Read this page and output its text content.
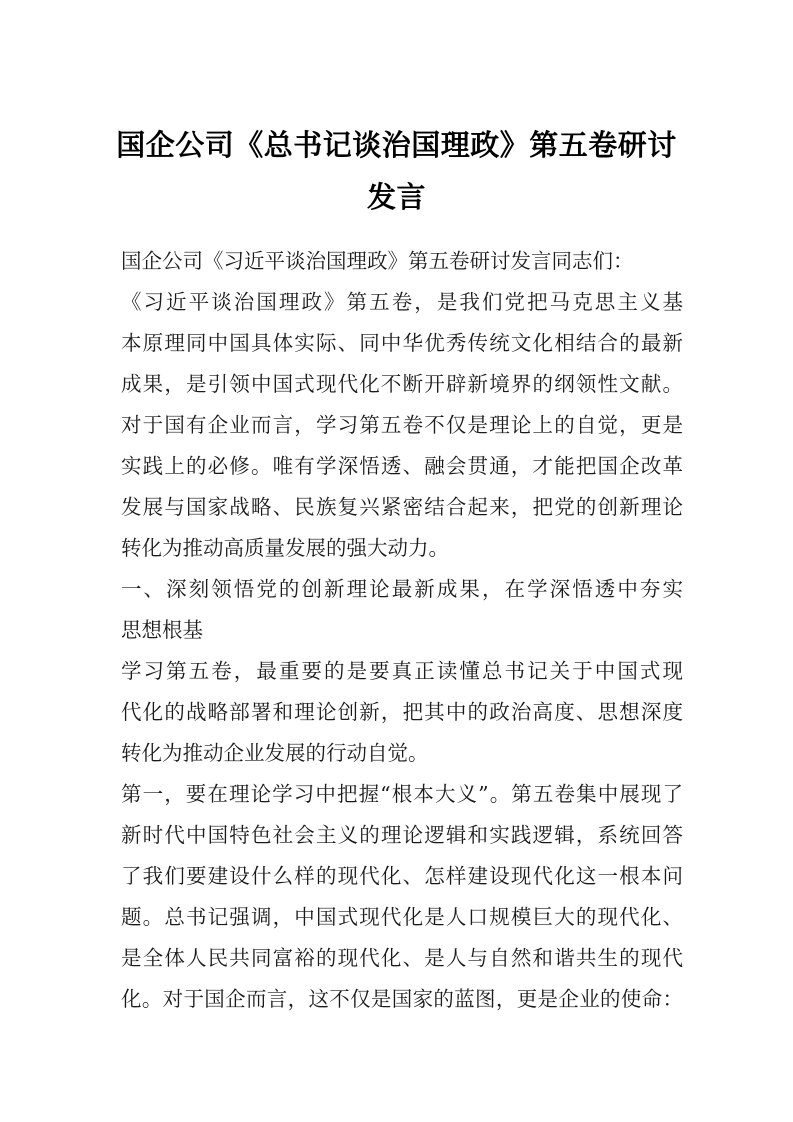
国企公司《总书记谈治国理政》第五卷研讨
发言
国企公司《习近平谈治国理政》第五卷研讨发言同志们：
《习近平谈治国理政》第五卷，是我们党把马克思主义基
本原理同中国具体实际、同中华优秀传统文化相结合的最新
成果，是引领中国式现代化不断开辟新境界的纲领性文献。
对于国有企业而言，学习第五卷不仅是理论上的自觉，更是
实践上的必修。唯有学深悟透、融会贯通，才能把国企改革
发展与国家战略、民族复兴紧密结合起来，把党的创新理论
转化为推动高质量发展的强大动力。
一、深刻领悟党的创新理论最新成果，在学深悟透中夯实
思想根基
学习第五卷，最重要的是要真正读懂总书记关于中国式现
代化的战略部署和理论创新，把其中的政治高度、思想深度
转化为推动企业发展的行动自觉。
第一，要在理论学习中把握“根本大义”。第五卷集中展现了
新时代中国特色社会主义的理论逻辑和实践逻辑，系统回答
了我们要建设什么样的现代化、怎样建设现代化这一根本问
题。总书记强调，中国式现代化是人口规模巨大的现代化、
是全体人民共同富裕的现代化、是人与自然和谐共生的现代
化。对于国企而言，这不仅是国家的蓝图，更是企业的使命：
